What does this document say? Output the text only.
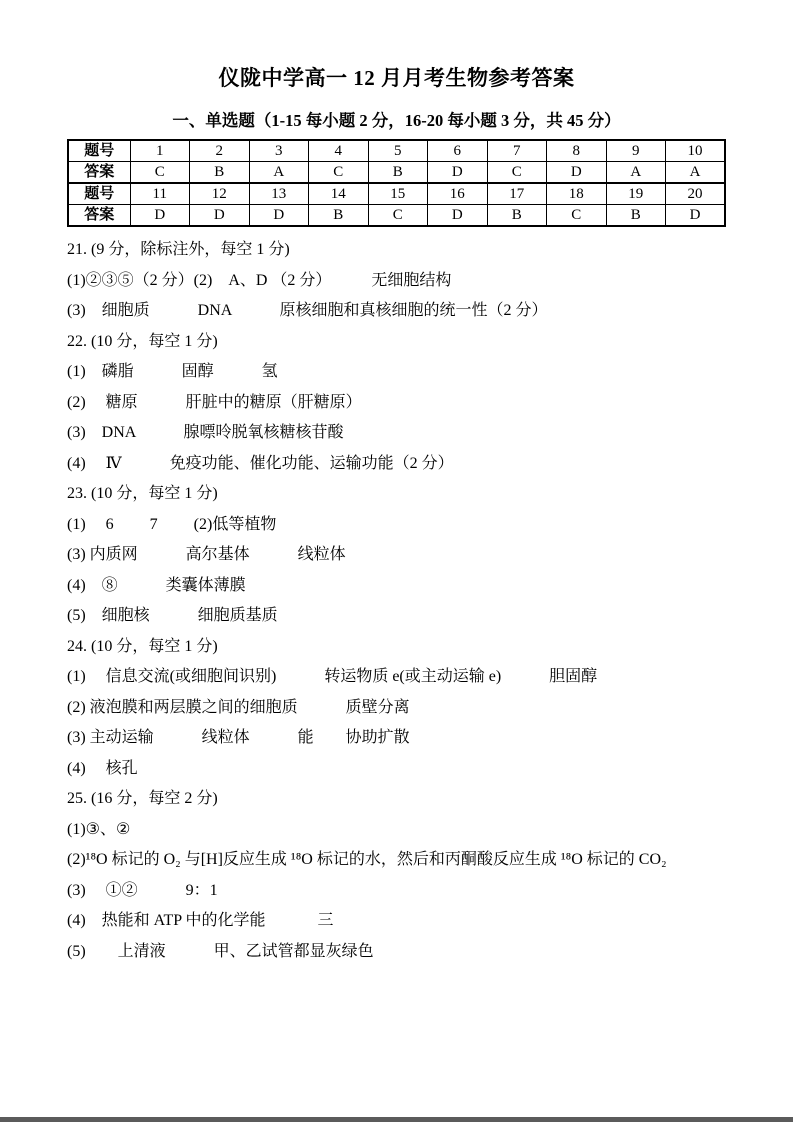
仪陇中学高一 12 月月考生物参考答案
一、单选题（1-15 每小题 2 分，16-20 每小题 3 分，共 45 分）
题号	1	2	3	4	5	6	7	8	9	10
答案	C	B	A	C	B	D	C	D	A	A
题号	11	12	13	14	15	16	17	18	19	20
答案	D	D	D	B	C	D	B	C	B	D
21. (9 分，除标注外，每空 1 分)
(1)②③⑤（2 分）(2)　A、D （2 分）　　　无细胞结构
(3)　细胞质　　　DNA　　　原核细胞和真核细胞的统一性（2 分）
22. (10 分，每空 1 分)
(1)　磷脂　　　固醇　　　氢
(2)　 糖原　　　肝脏中的糖原（肝糖原）
(3)　DNA　　　腺嘌呤脱氧核糖核苷酸
(4)　 Ⅳ　　　免疫功能、催化功能、运输功能（2 分）
23. (10 分，每空 1 分)
(1)　 6　　 7　　 (2)低等植物
(3) 内质网　　　高尔基体　　　线粒体
(4)　⑧　　　类囊体薄膜
(5)　细胞核　　　细胞质基质
24. (10 分，每空 1 分)
(1)　 信息交流(或细胞间识别)　　　转运物质 e(或主动运输 e)　　　胆固醇
(2) 液泡膜和两层膜之间的细胞质　　　质壁分离
(3) 主动运输　　　线粒体　　　能　　协助扩散
(4)　 核孔
25. (16 分，每空 2 分)
(1)③、②
(2)¹⁸O 标记的 O₂ 与[H]反应生成 ¹⁸O 标记的水，然后和丙酮酸反应生成 ¹⁸O 标记的 CO₂
(3)　 ①②　　　9：1
(4)　热能和 ATP 中的化学能　　　 三
(5)　　上清液　　　甲、乙试管都显灰绿色
